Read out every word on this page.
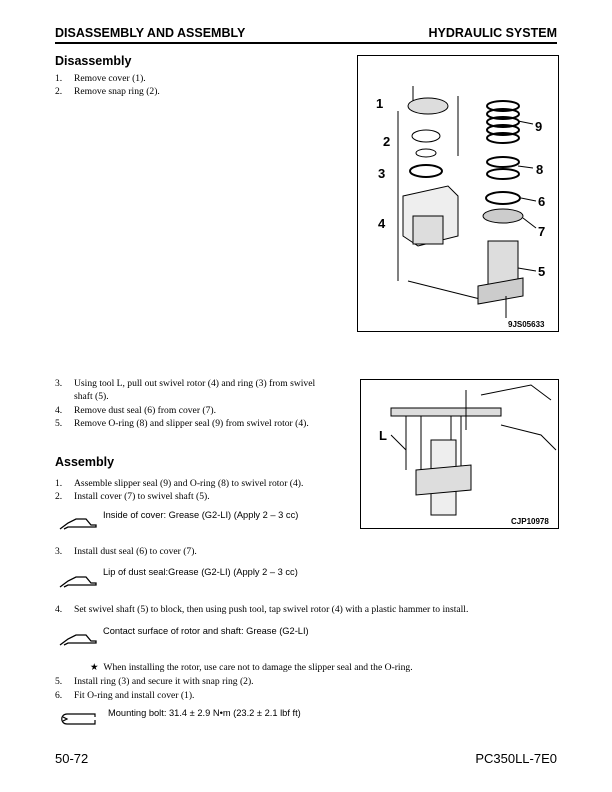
DISASSEMBLY AND ASSEMBLY	HYDRAULIC SYSTEM
Disassembly
1. Remove cover (1).
2. Remove snap ring (2).
1
2
3
4
9
8
6
7
5
9JS05633
3. Using tool L, pull out swivel rotor (4) and ring (3) from swivel
shaft (5).
4. Remove dust seal (6) from cover (7).
5. Remove O-ring (8) and slipper seal (9) from swivel rotor (4).
L
CJP10978
Assembly
1. Assemble slipper seal (9) and O-ring (8) to swivel rotor (4).
2. Install cover (7) to swivel shaft (5).
Inside of cover: Grease (G2-LI) (Apply 2 – 3 cc)
3. Install dust seal (6) to cover (7).
Lip of dust seal:Grease (G2-LI) (Apply 2 – 3 cc)
4. Set swivel shaft (5) to block, then using push tool, tap swivel rotor (4) with a plastic hammer to install.
Contact surface of rotor and shaft: Grease (G2-LI)
★ When installing the rotor, use care not to damage the slipper seal and the O-ring.
5. Install ring (3) and secure it with snap ring (2).
6. Fit O-ring and install cover (1).
Mounting bolt: 31.4 ± 2.9 N•m (23.2 ± 2.1 lbf ft)
50-72	PC350LL-7E0
